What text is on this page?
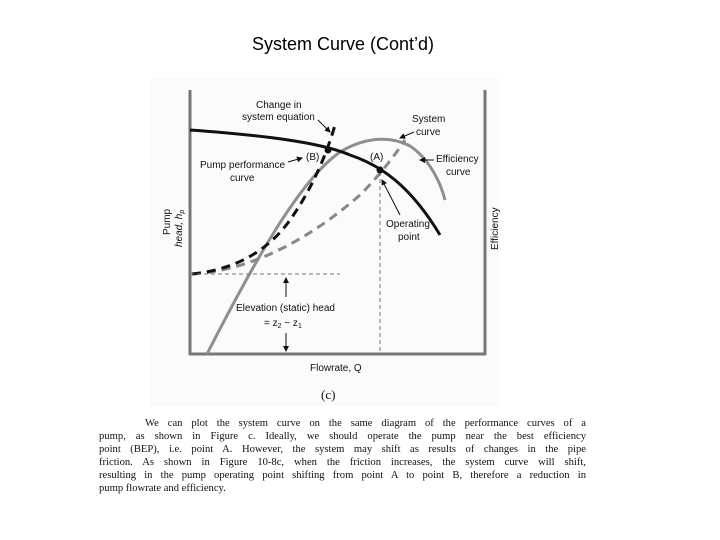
System Curve (Cont’d)
Change in
system equation	System
curve
(B)	(A)
Pump performance
curve
Efficiency
curve
Operating
point
Elevation (static) head
= $z_2 - z_1$
Pump head, $h_p$	Efficiency
Flowrate, Q
(c)
We can plot the system curve on the same diagram of the performance curves of a
pump, as shown in Figure c. Ideally, we should operate the pump near the best efficiency
point (BEP), i.e. point A. However, the system may shift as results of changes in the pipe
friction. As shown in Figure 10-8c, when the friction increases, the system curve will shift,
resulting in the pump operating point shifting from point A to point B, therefore a reduction in
pump flowrate and efficiency.
